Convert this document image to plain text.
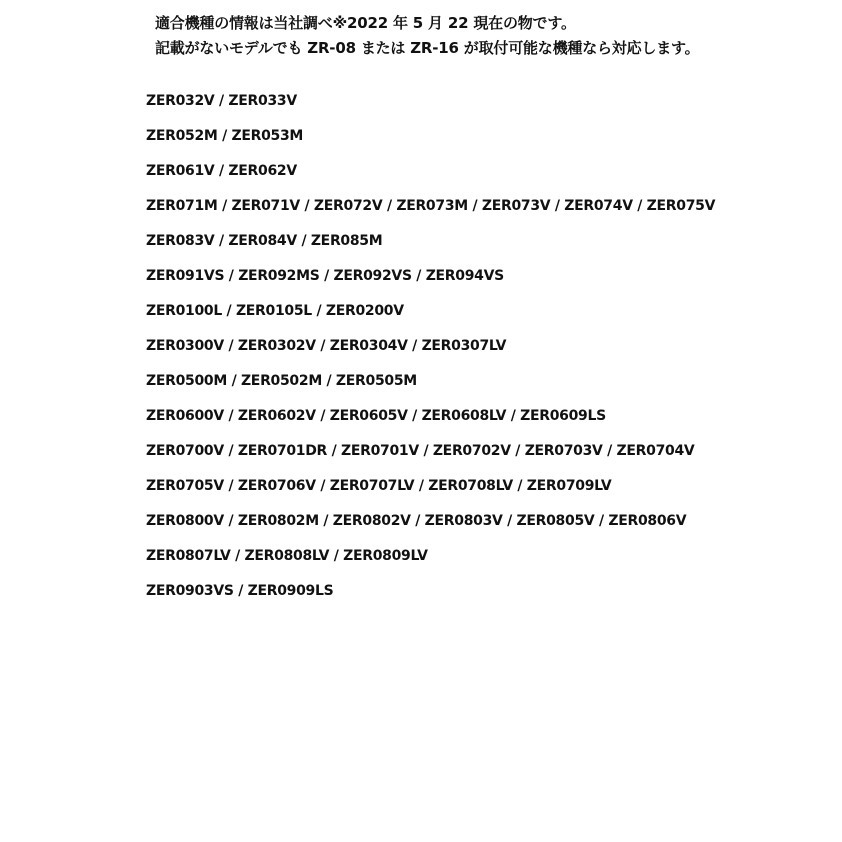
適合機種の情報は当社調べ※2022 年 5 月 22 現在の物です。
記載がないモデルでも ZR-08 または ZR-16 が取付可能な機種なら対応します。
ZER032V / ZER033V
ZER052M / ZER053M
ZER061V / ZER062V
ZER071M / ZER071V / ZER072V / ZER073M / ZER073V / ZER074V / ZER075V
ZER083V / ZER084V / ZER085M
ZER091VS / ZER092MS / ZER092VS / ZER094VS
ZER0100L / ZER0105L / ZER0200V
ZER0300V / ZER0302V / ZER0304V / ZER0307LV
ZER0500M / ZER0502M / ZER0505M
ZER0600V / ZER0602V / ZER0605V / ZER0608LV / ZER0609LS
ZER0700V / ZER0701DR / ZER0701V / ZER0702V / ZER0703V / ZER0704V
ZER0705V / ZER0706V / ZER0707LV / ZER0708LV / ZER0709LV
ZER0800V / ZER0802M / ZER0802V / ZER0803V / ZER0805V / ZER0806V
ZER0807LV / ZER0808LV / ZER0809LV
ZER0903VS / ZER0909LS
